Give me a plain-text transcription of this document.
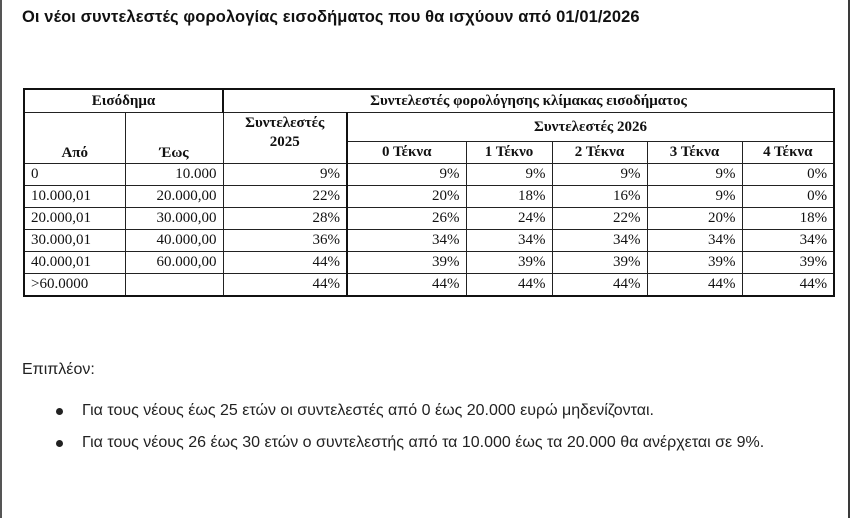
Οι νέοι συντελεστές φορολογίας εισοδήματος που θα ισχύουν από 01/01/2026
Εισόδημα		Συντελεστές φορολόγησης κλίμακας εισοδήματος					
Από	Έως	Συντελεστές 2025	Συντελεστές 2026				
			0 Τέκνα	1 Τέκνο	2 Τέκνα	3 Τέκνα	4 Τέκνα
0	10.000	9%	9%	9%	9%	9%	0%
10.000,01	20.000,00	22%	20%	18%	16%	9%	0%
20.000,01	30.000,00	28%	26%	24%	22%	20%	18%
30.000,01	40.000,00	36%	34%	34%	34%	34%	34%
40.000,01	60.000,00	44%	39%	39%	39%	39%	39%
>60.0000		44%	44%	44%	44%	44%	44%
Επιπλέον:
Για τους νέους έως 25 ετών οι συντελεστές από 0 έως 20.000 ευρώ μηδενίζονται.
Για τους νέους 26 έως 30 ετών ο συντελεστής από τα 10.000 έως τα 20.000 θα ανέρχεται σε 9%.
